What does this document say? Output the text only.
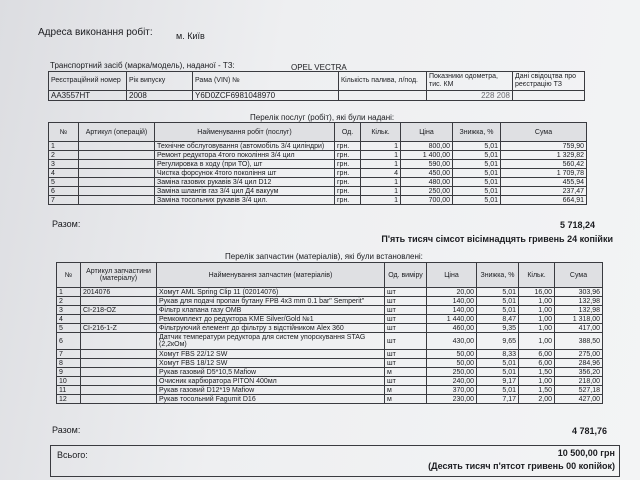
Адреса виконання робіт:	м. Київ
Транспортний засіб (марка/модель), наданої - ТЗ:	OPEL VECTRA
Реєстраційний номер	Рік випуску	Рама (VIN) №	Кількість палива, л/под.	Показники одометра, тис. КМ	Дані свідоцтва про реєстрацію ТЗ
АА3557НТ	2008	Y6D0ZCF6981048970		228 208	
Перелік послуг (робіт), які були надані:
№	Артикул (операцій)	Найменування робіт (послуг)	Од.	Кільк.	Ціна	Знижка, %	Сума
1		Технічне обслуговування (автомобіль 3/4 циліндри)	грн.	1	800,00	5,01	759,90
2		Ремонт редуктора 4того покоління 3/4 цил	грн.	1	1 400,00	5,01	1 329,82
3		Регулировка в ходу (при ТО), шт	грн.	1	590,00	5,01	560,42
4		Чистка форсунок 4того покоління шт	грн.	4	450,00	5,01	1 709,78
5		Заміна газових рукавів 3/4 цил D12	грн.	1	480,00	5,01	455,94
6		Заміна шлангів газ 3/4 цил Д4 вакуум	грн.	1	250,00	5,01	237,47
7		Заміна тосольних рукавів 3/4 цил.	грн.	1	700,00	5,01	664,91
Разом:	5 718,24
П'ять тисяч сімсот вісімнадцять гривень 24 копійки
Перелік запчастин (матеріалів), які були встановлені:
№	Артикул запчастини (матеріалу)	Найменування запчастин (матеріалів)	Од. виміру	Ціна	Знижка, %	Кільк.	Сума
1	2014076	Хомут AML Spring Clip 11 (02014076)	шт	20,00	5,01	16,00	303,96
2		Рукав для подачі пропан бутану FPB 4x3 mm 0.1 bar" Semperit"	шт	140,00	5,01	1,00	132,98
3	CI-218-OZ	Фільтр клапана газу OMB	шт	140,00	5,01	1,00	132,98
4		Ремкомплект до редуктора KME Silver/Gold №1	шт	1 440,00	8,47	1,00	1 318,00
5	CI-216-1-Z	Фільтруючий елемент до фільтру з відстійником Alex 360	шт	460,00	9,35	1,00	417,00
6		Датчик температури редуктора для систем упорскування STAG (2,2кОм)	шт	430,00	9,65	1,00	388,50
7		Хомут FBS 22/12 SW	шт	50,00	8,33	6,00	275,00
8		Хомут FBS 18/12 SW	шт	50,00	5,01	6,00	284,96
9		Рукав газовий D5*10,5 Mafiow	м	250,00	5,01	1,50	356,20
10		Очисник карбюратора PITON 400мл	шт	240,00	9,17	1,00	218,00
11		Рукав газовий D12*19 Mafiow	м	370,00	5,01	1,50	527,18
12		Рукав тосольний Fagumit D16	м	230,00	7,17	2,00	427,00
Разом:	4 781,76
Всього:	10 500,00 грн
(Десять тисяч п'ятсот гривень 00 копійок)
